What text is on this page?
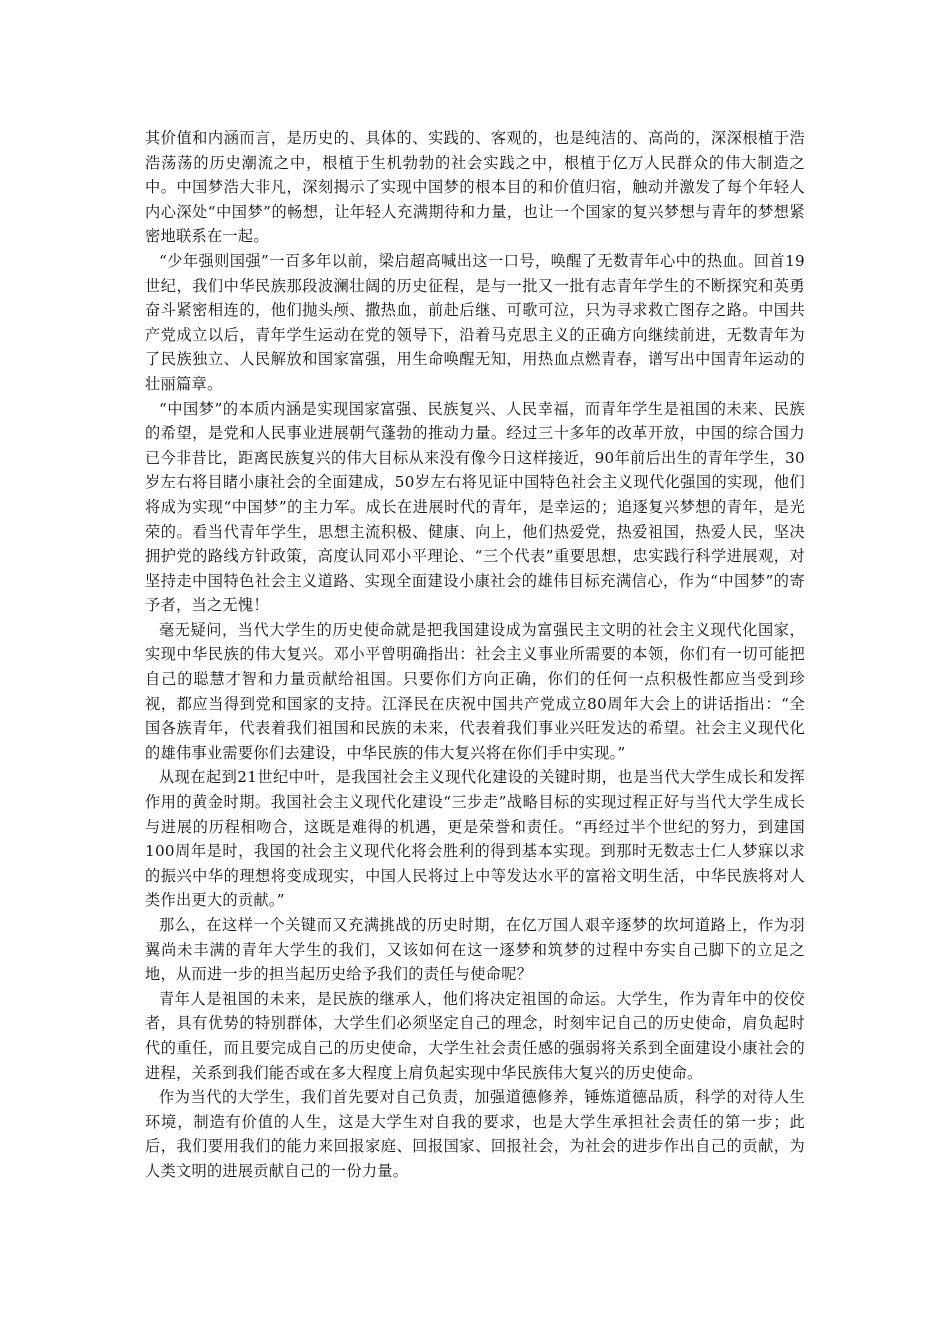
其价值和内涵而言，是历史的、具体的、实践的、客观的，也是纯洁的、高尚的，深深根植于浩浩荡荡的历史潮流之中，根植于生机勃勃的社会实践之中，根植于亿万人民群众的伟大制造之中。中国梦浩大非凡，深刻揭示了实现中国梦的根本目的和价值归宿，触动并激发了每个年轻人内心深处“中国梦”的畅想，让年轻人充满期待和力量，也让一个国家的复兴梦想与青年的梦想紧密地联系在一起。

“少年强则国强”一百多年以前，梁启超高喊出这一口号，唤醒了无数青年心中的热血。回首19世纪，我们中华民族那段波澜壮阔的历史征程，是与一批又一批有志青年学生的不断探究和英勇奋斗紧密相连的，他们抛头颅、撒热血，前赴后继、可歌可泣，只为寻求救亡图存之路。中国共产党成立以后，青年学生运动在党的领导下，沿着马克思主义的正确方向继续前进，无数青年为了民族独立、人民解放和国家富强，用生命唤醒无知，用热血点燃青春，谱写出中国青年运动的壮丽篇章。

“中国梦”的本质内涵是实现国家富强、民族复兴、人民幸福，而青年学生是祖国的未来、民族的希望，是党和人民事业进展朝气蓬勃的推动力量。经过三十多年的改革开放，中国的综合国力已今非昔比，距离民族复兴的伟大目标从来没有像今日这样接近，90年前后出生的青年学生，30岁左右将目睹小康社会的全面建成，50岁左右将见证中国特色社会主义现代化强国的实现，他们将成为实现“中国梦”的主力军。成长在进展时代的青年，是幸运的；追逐复兴梦想的青年，是光荣的。看当代青年学生，思想主流积极、健康、向上，他们热爱党，热爱祖国，热爱人民，坚决拥护党的路线方针政策，高度认同邓小平理论、“三个代表”重要思想，忠实践行科学进展观，对坚持走中国特色社会主义道路、实现全面建设小康社会的雄伟目标充满信心，作为“中国梦”的寄予者，当之无愧！

毫无疑问，当代大学生的历史使命就是把我国建设成为富强民主文明的社会主义现代化国家，实现中华民族的伟大复兴。邓小平曾明确指出：社会主义事业所需要的本领，你们有一切可能把自己的聪慧才智和力量贡献给祖国。只要你们方向正确，你们的任何一点积极性都应当受到珍视，都应当得到党和国家的支持。江泽民在庆祝中国共产党成立80周年大会上的讲话指出：“全国各族青年，代表着我们祖国和民族的未来，代表着我们事业兴旺发达的希望。社会主义现代化的雄伟事业需要你们去建设，中华民族的伟大复兴将在你们手中实现。”

从现在起到21世纪中叶，是我国社会主义现代化建设的关键时期，也是当代大学生成长和发挥作用的黄金时期。我国社会主义现代化建设“三步走”战略目标的实现过程正好与当代大学生成长与进展的历程相吻合，这既是难得的机遇，更是荣誉和责任。“再经过半个世纪的努力，到建国100周年是时，我国的社会主义现代化将会胜利的得到基本实现。到那时无数志士仁人梦寐以求的振兴中华的理想将变成现实，中国人民将过上中等发达水平的富裕文明生活，中华民族将对人类作出更大的贡献。”

那么，在这样一个关键而又充满挑战的历史时期，在亿万国人艰辛逐梦的坎坷道路上，作为羽翼尚未丰满的青年大学生的我们，又该如何在这一逐梦和筑梦的过程中夯实自己脚下的立足之地，从而进一步的担当起历史给予我们的责任与使命呢？

青年人是祖国的未来，是民族的继承人，他们将决定祖国的命运。大学生，作为青年中的佼佼者，具有优势的特别群体，大学生们必须坚定自己的理念，时刻牢记自己的历史使命，肩负起时代的重任，而且要完成自己的历史使命，大学生社会责任感的强弱将关系到全面建设小康社会的进程，关系到我们能否或在多大程度上肩负起实现中华民族伟大复兴的历史使命。

作为当代的大学生，我们首先要对自己负责，加强道德修养，锤炼道德品质，科学的对待人生环境，制造有价值的人生，这是大学生对自我的要求，也是大学生承担社会责任的第一步；此后，我们要用我们的能力来回报家庭、回报国家、回报社会，为社会的进步作出自己的贡献，为人类文明的进展贡献自己的一份力量。
